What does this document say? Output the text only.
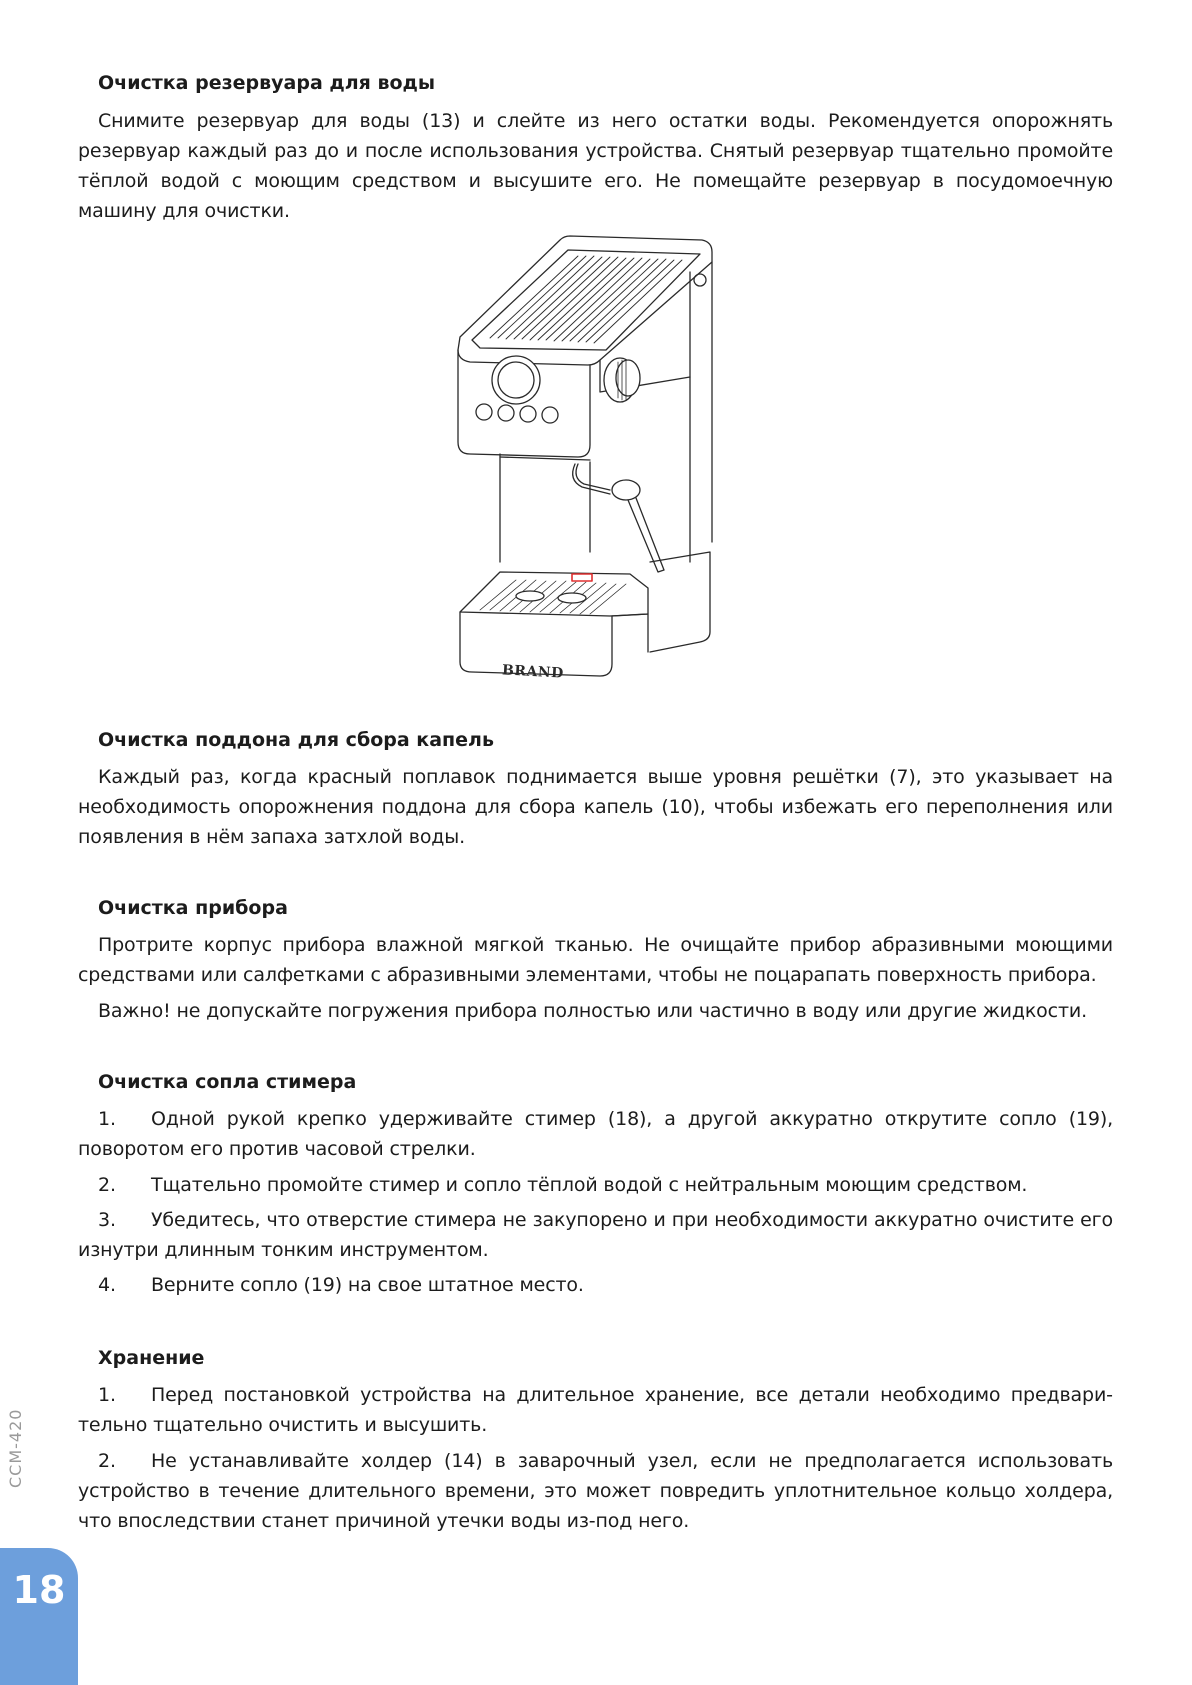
Очистка резервуара для воды

Снимите резервуар для воды (13) и слейте из него остатки воды. Рекомендуется опорожнять резервуар каждый раз до и после использования устройства. Снятый резервуар тщательно промойте тёплой водой с моющим средством и высушите его. Не помещайте резервуар в посудомоечную машину для очистки.

Очистка поддона для сбора капель

Каждый раз, когда красный поплавок поднимается выше уровня решётки (7), это указывает на необходимость опорожнения поддона для сбора капель (10), чтобы избежать его переполнения или появления в нём запаха затхлой воды.

Очистка прибора

Протрите корпус прибора влажной мягкой тканью. Не очищайте прибор абразивными моющими средствами или салфетками с абразивными элементами, чтобы не поцарапать поверхность прибора.

Важно! не допускайте погружения прибора полностью или частично в воду или другие жидкости.

Очистка сопла стимера

1. Одной рукой крепко удерживайте стимер (18), а другой аккуратно открутите сопло (19), поворотом его против часовой стрелки.

2. Тщательно промойте стимер и сопло тёплой водой с нейтральным моющим средством.

3. Убедитесь, что отверстие стимера не закупорено и при необходимости аккуратно очистите его изнутри длинным тонким инструментом.

4. Верните сопло (19) на свое штатное место.

Хранение

1. Перед постановкой устройства на длительное хранение, все детали необходимо предварительно тщательно очистить и высушить.

2. Не устанавливайте холдер (14) в заварочный узел, если не предполагается использовать устройство в течение длительного времени, это может повредить уплотнительное кольцо холдера, что впоследствии станет причиной утечки воды из-под него.

BRAND
CCM-420
18
